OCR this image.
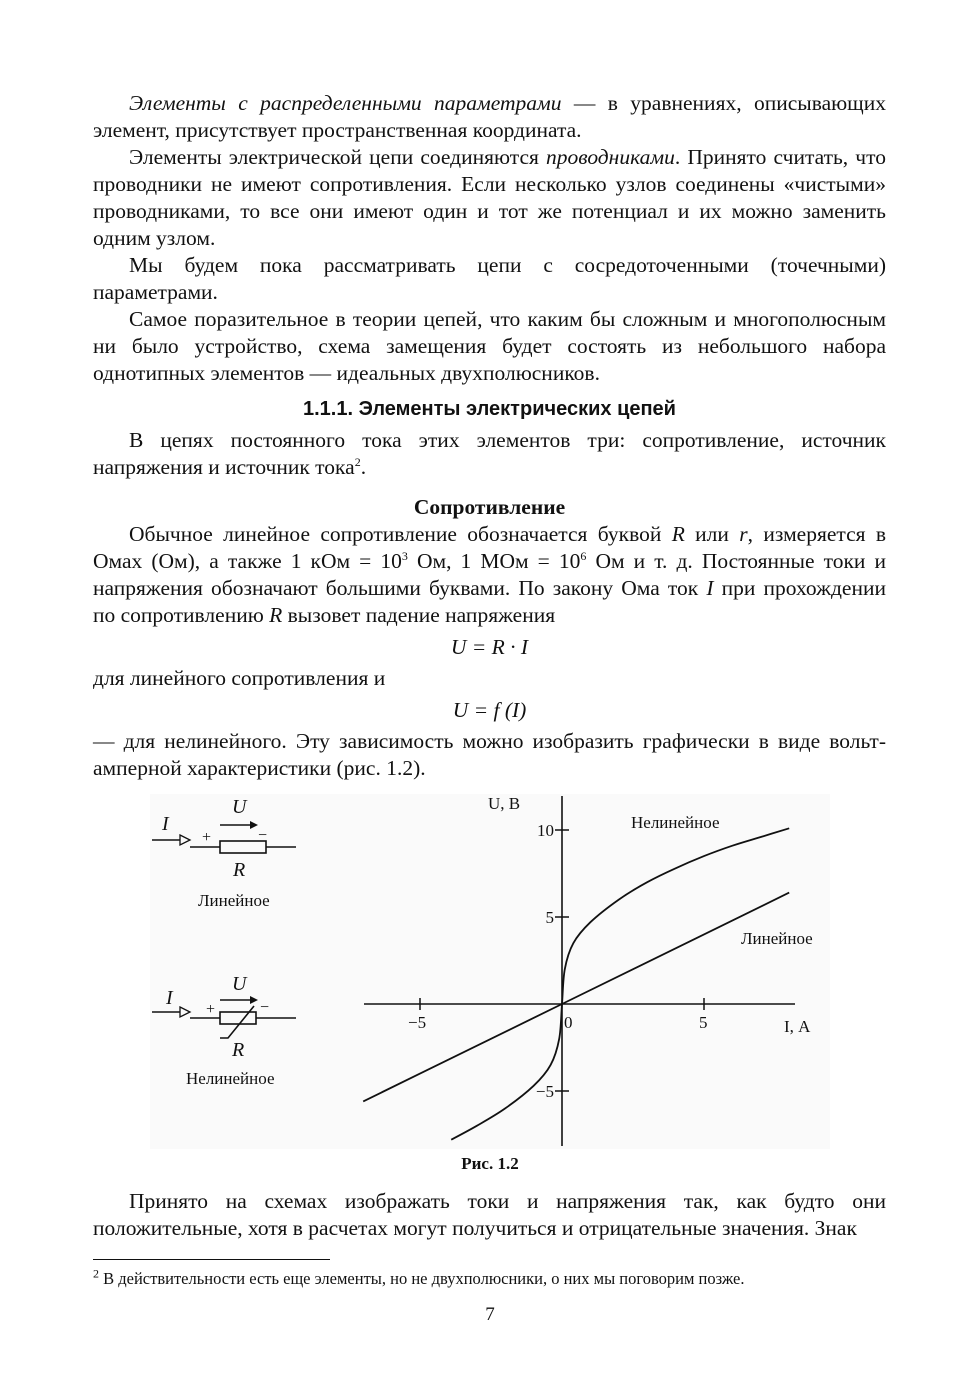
Элементы с распределенными параметрами — в уравнениях, описывающих элемент, присутствует пространственная координата.

Элементы электрической цепи соединяются проводниками. Принято считать, что проводники не имеют сопротивления. Если несколько узлов соединены «чистыми» проводниками, то все они имеют один и тот же потенциал и их можно заменить одним узлом.

Мы будем пока рассматривать цепи с сосредоточенными (точечными) параметрами.

Самое поразительное в теории цепей, что каким бы сложным и многополюсным ни было устройство, схема замещения будет состоять из небольшого набора однотипных элементов — идеальных двухполюсников.

1.1.1. Элементы электрических цепей

В цепях постоянного тока этих элементов три: сопротивление, источник напряжения и источник тока$^2$.

Сопротивление

Обычное линейное сопротивление обозначается буквой R или r, измеряется в Омах (Ом), а также 1 кОм = $10^3$ Ом, 1 МОм = $10^6$ Ом и т. д. Постоянные токи и напряжения обозначают большими буквами. По закону Ома ток I при прохождении по сопротивлению R вызовет падение напряжения

U = R · I

для линейного сопротивления и

U = f (I)

— для нелинейного. Эту зависимость можно изобразить графически в виде вольт-амперной характеристики (рис. 1.2).

I
+	−
U
R
Линейное
I
+	−
U
R
Нелинейное
−5	0	5
−5
5
10
U, В
I, А
Нелинейное
Линейное
Рис. 1.2

Принято на схемах изображать токи и напряжения так, как будто они положительные, хотя в расчетах могут получиться и отрицательные значения. Знак

$^2$ В действительности есть еще элементы, но не двухполюсники, о них мы поговорим позже.
7
